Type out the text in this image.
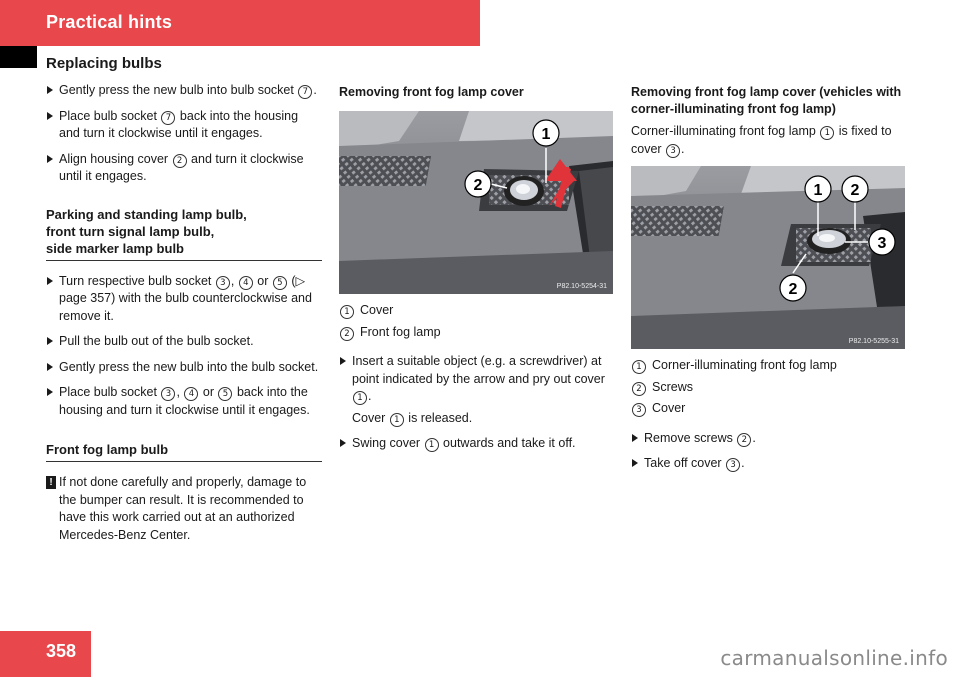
Practical hints
Replacing bulbs
Gently press the new bulb into bulb socket 7 .
Place bulb socket 7 back into the housing and turn it clockwise until it engages.
Align housing cover 2 and turn it clockwise until it engages.
Parking and standing lamp bulb,
front turn signal lamp bulb,
side marker lamp bulb
Turn respective bulb socket 3 , 4 or 5 (▷ page 357) with the bulb counterclockwise and remove it.
Pull the bulb out of the bulb socket.
Gently press the new bulb into the bulb socket.
Place bulb socket 3 , 4 or 5 back into the housing and turn it clockwise until it engages.
Front fog lamp bulb
! If not done carefully and properly, damage to the bumper can result. It is recommended to have this work carried out at an authorized Mercedes-Benz Center.
Removing front fog lamp cover
1
2
P82.10-5254-31
1 Cover
2 Front fog lamp
Insert a suitable object (e.g. a screwdriver) at point indicated by the arrow and pry out cover 1 .
Cover 1 is released.
Swing cover 1 outwards and take it off.
Removing front fog lamp cover (vehicles with corner-illuminating front fog lamp)
Corner-illuminating front fog lamp 1 is fixed to cover 3 .
1 2
3
2
P82.10-5255-31
1 Corner-illuminating front fog lamp
2 Screws
3 Cover
Remove screws 2 .
Take off cover 3 .
358	carmanualsonline.info
